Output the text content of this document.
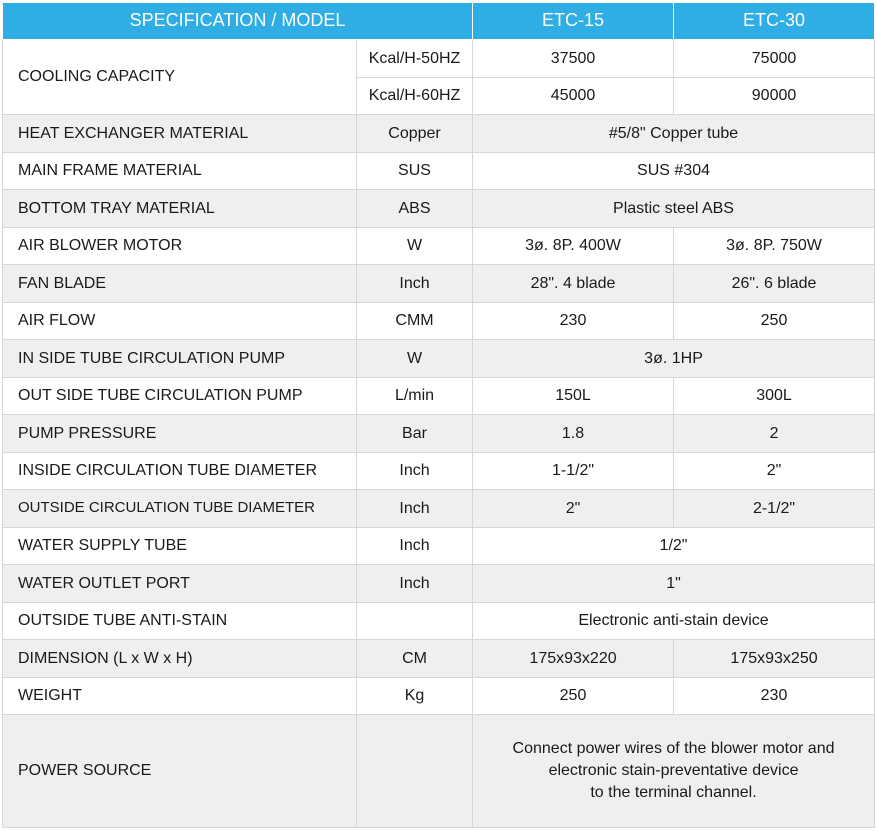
SPECIFICATION / MODEL		ETC-15	ETC-30
COOLING CAPACITY	Kcal/H-50HZ	37500	75000
	Kcal/H-60HZ	45000	90000
HEAT EXCHANGER MATERIAL	Copper	#5/8" Copper tube	
MAIN FRAME MATERIAL	SUS	SUS #304	
BOTTOM TRAY MATERIAL	ABS	Plastic steel ABS	
AIR BLOWER MOTOR	W	3ø. 8P. 400W	3ø. 8P. 750W
FAN BLADE	Inch	28". 4 blade	26". 6 blade
AIR FLOW	CMM	230	250
IN SIDE TUBE CIRCULATION PUMP	W	3ø. 1HP	
OUT SIDE TUBE CIRCULATION PUMP	L/min	150L	300L
PUMP PRESSURE	Bar	1.8	2
INSIDE CIRCULATION TUBE DIAMETER	Inch	1-1/2"	2"
OUTSIDE CIRCULATION TUBE DIAMETER	Inch	2"	2-1/2"
WATER SUPPLY TUBE	Inch	1/2"	
WATER OUTLET PORT	Inch	1"	
OUTSIDE TUBE ANTI-STAIN		Electronic anti-stain device	
DIMENSION (L x W x H)	CM	175x93x220	175x93x250
WEIGHT	Kg	250	230
POWER SOURCE		Connect power wires of the blower motor and
electronic stain-preventative device
to the terminal channel.	
